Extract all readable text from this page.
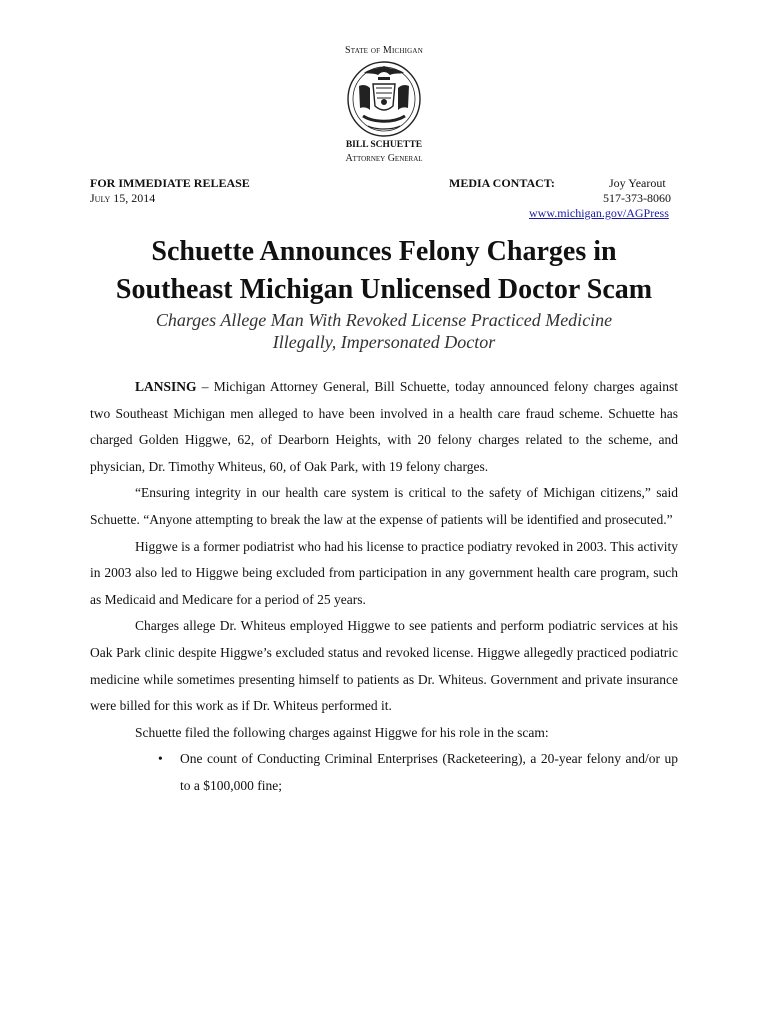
State of Michigan
BILL SCHUETTE
Attorney General
FOR IMMEDIATE RELEASE
July 15, 2014
MEDIA CONTACT:	Joy Yearout
517-373-8060
www.michigan.gov/AGPress
Schuette Announces Felony Charges in
Southeast Michigan Unlicensed Doctor Scam
Charges Allege Man With Revoked License Practiced Medicine
Illegally, Impersonated Doctor

LANSING – Michigan Attorney General, Bill Schuette, today announced felony charges against two Southeast Michigan men alleged to have been involved in a health care fraud scheme. Schuette has charged Golden Higgwe, 62, of Dearborn Heights, with 20 felony charges related to the scheme, and physician, Dr. Timothy Whiteus, 60, of Oak Park, with 19 felony charges.

“Ensuring integrity in our health care system is critical to the safety of Michigan citizens,” said Schuette. “Anyone attempting to break the law at the expense of patients will be identified and prosecuted.”

Higgwe is a former podiatrist who had his license to practice podiatry revoked in 2003. This activity in 2003 also led to Higgwe being excluded from participation in any government health care program, such as Medicaid and Medicare for a period of 25 years.

Charges allege Dr. Whiteus employed Higgwe to see patients and perform podiatric services at his Oak Park clinic despite Higgwe’s excluded status and revoked license. Higgwe allegedly practiced podiatric medicine while sometimes presenting himself to patients as Dr. Whiteus. Government and private insurance were billed for this work as if Dr. Whiteus performed it.

Schuette filed the following charges against Higgwe for his role in the scam:

• One count of Conducting Criminal Enterprises (Racketeering), a 20-year felony and/or up to a $100,000 fine;
